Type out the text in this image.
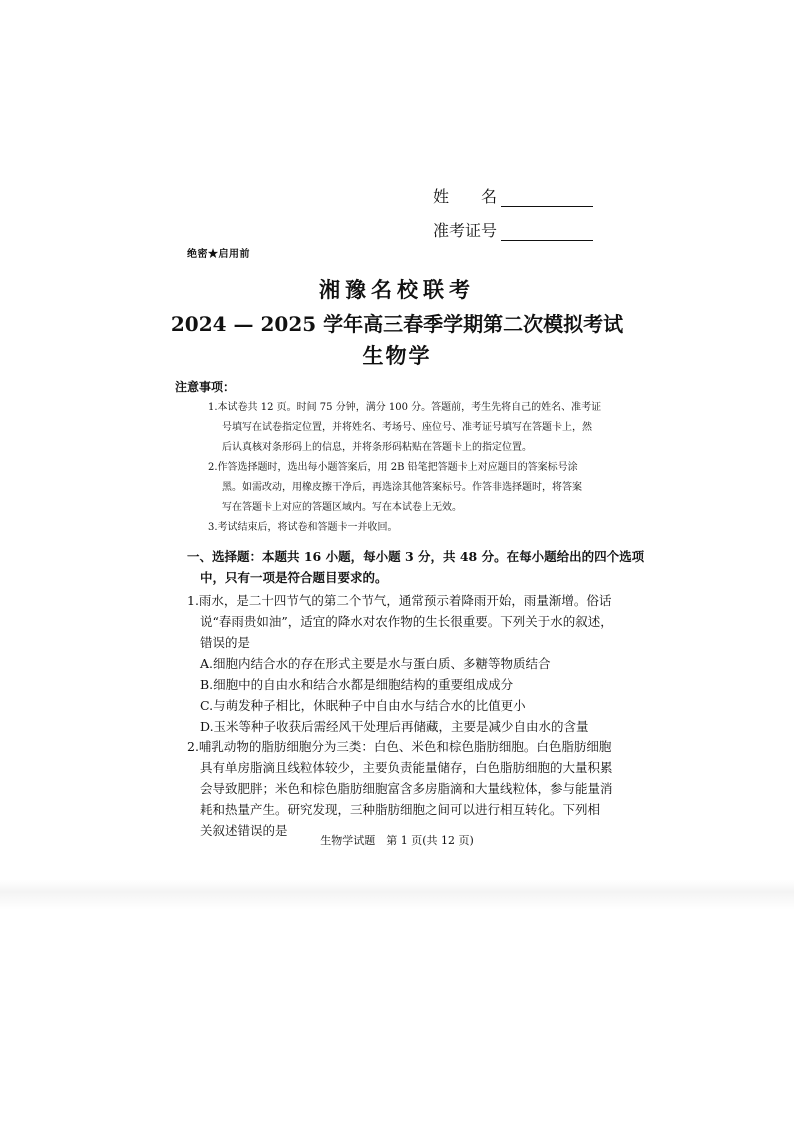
姓　　名
准考证号
绝密★启用前
湘豫名校联考
2024 — 2025 学年高三春季学期第二次模拟考试
生物学
注意事项：
1.本试卷共 12 页。时间 75 分钟，满分 100 分。答题前，考生先将自己的姓名、准考证
号填写在试卷指定位置，并将姓名、考场号、座位号、准考证号填写在答题卡上，然
后认真核对条形码上的信息，并将条形码粘贴在答题卡上的指定位置。
2.作答选择题时，选出每小题答案后，用 2B 铅笔把答题卡上对应题目的答案标号涂
黑。如需改动，用橡皮擦干净后，再选涂其他答案标号。作答非选择题时，将答案
写在答题卡上对应的答题区域内。写在本试卷上无效。
3.考试结束后，将试卷和答题卡一并收回。
一、选择题：本题共 16 小题，每小题 3 分，共 48 分。在每小题给出的四个选项
中，只有一项是符合题目要求的。
1.雨水，是二十四节气的第二个节气，通常预示着降雨开始，雨量渐增。俗话
说“春雨贵如油”，适宜的降水对农作物的生长很重要。下列关于水的叙述，
错误的是
A.细胞内结合水的存在形式主要是水与蛋白质、多糖等物质结合
B.细胞中的自由水和结合水都是细胞结构的重要组成成分
C.与萌发种子相比，休眠种子中自由水与结合水的比值更小
D.玉米等种子收获后需经风干处理后再储藏，主要是减少自由水的含量
2.哺乳动物的脂肪细胞分为三类：白色、米色和棕色脂肪细胞。白色脂肪细胞
具有单房脂滴且线粒体较少，主要负责能量储存，白色脂肪细胞的大量积累
会导致肥胖；米色和棕色脂肪细胞富含多房脂滴和大量线粒体，参与能量消
耗和热量产生。研究发现，三种脂肪细胞之间可以进行相互转化。下列相
关叙述错误的是
生物学试题　第 1 页(共 12 页)
